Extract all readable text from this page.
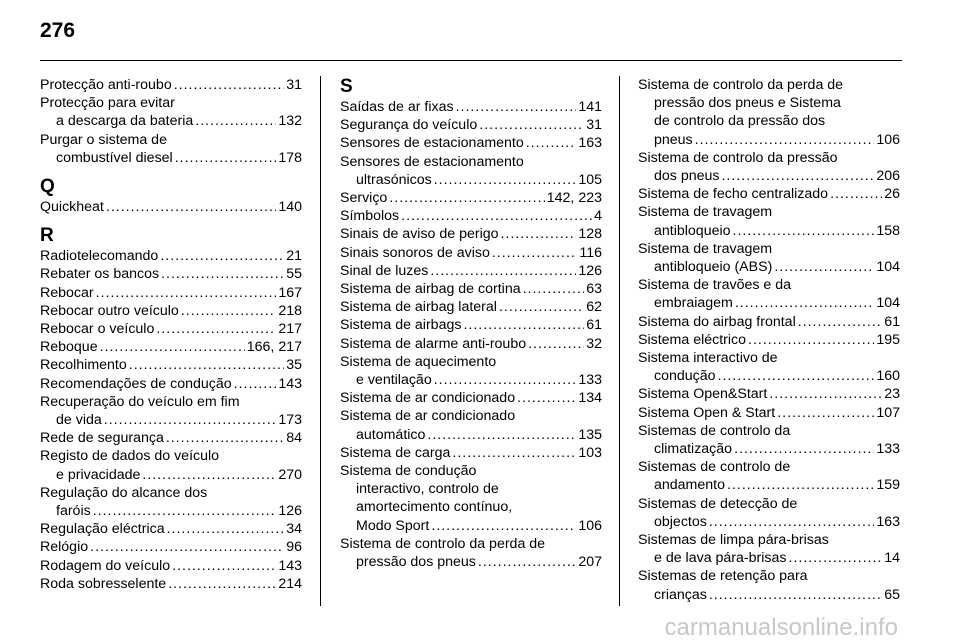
276
Protecção anti-roubo .....	31
Protecção para evitar
a descarga da bateria .....	132
Purgar o sistema de
combustível diesel .....	178
Q
Quickheat .....	140
R
Radiotelecomando .....	21
Rebater os bancos .....	55
Rebocar .....	167
Rebocar outro veículo .....	218
Rebocar o veículo .....	217
Reboque .....	166, 217
Recolhimento .....	35
Recomendações de condução .....	143
Recuperação do veículo em fim
de vida .....	173
Rede de segurança .....	84
Registo de dados do veículo
e privacidade .....	270
Regulação do alcance dos
faróis .....	126
Regulação eléctrica .....	34
Relógio .....	96
Rodagem do veículo .....	143
Roda sobresselente .....	214
S
Saídas de ar fixas .....	141
Segurança do veículo .....	31
Sensores de estacionamento .....	163
Sensores de estacionamento
ultrasónicos .....	105
Serviço .....	142, 223
Símbolos .....	4
Sinais de aviso de perigo .....	128
Sinais sonoros de aviso .....	116
Sinal de luzes .....	126
Sistema de airbag de cortina .....	63
Sistema de airbag lateral .....	62
Sistema de airbags .....	61
Sistema de alarme anti-roubo .....	32
Sistema de aquecimento
e ventilação .....	133
Sistema de ar condicionado .....	134
Sistema de ar condicionado
automático .....	135
Sistema de carga .....	103
Sistema de condução
interactivo, controlo de
amortecimento contínuo,
Modo Sport .....	106
Sistema de controlo da perda de
pressão dos pneus .....	207
Sistema de controlo da perda de
pressão dos pneus e Sistema
de controlo da pressão dos
pneus .....	106
Sistema de controlo da pressão
dos pneus .....	206
Sistema de fecho centralizado .....	26
Sistema de travagem
antibloqueio .....	158
Sistema de travagem
antibloqueio (ABS) .....	104
Sistema de travões e da
embraiagem .....	104
Sistema do airbag frontal .....	61
Sistema eléctrico .....	195
Sistema interactivo de
condução .....	160
Sistema Open&Start .....	23
Sistema Open & Start .....	107
Sistemas de controlo da
climatização .....	133
Sistemas de controlo de
andamento .....	159
Sistemas de detecção de
objectos .....	163
Sistemas de limpa pára-brisas
e de lava pára-brisas .....	14
Sistemas de retenção para
crianças .....	65
carmanualsonline.info
